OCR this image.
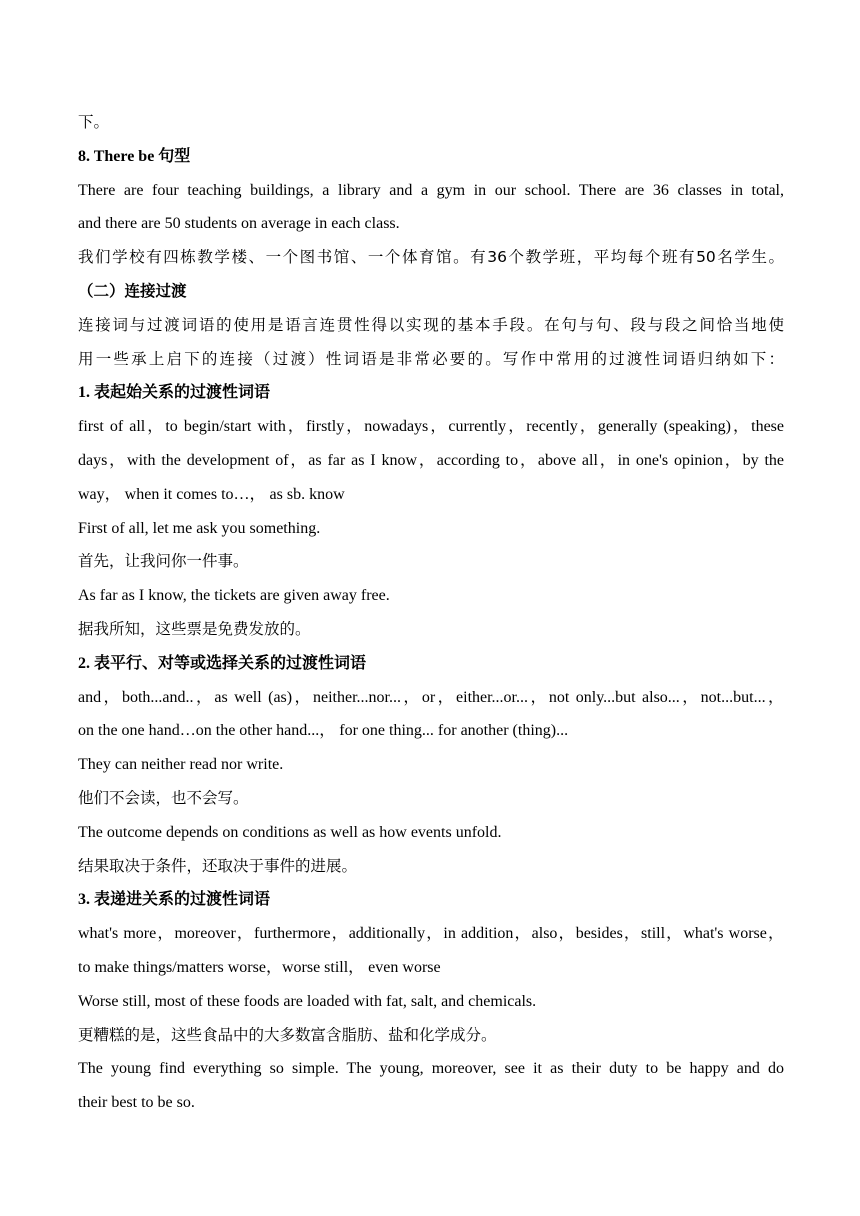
下。
8. There be 句型
There are four teaching buildings, a library and a gym in our school. There are 36 classes in total,
and there are 50 students on average in each class.
我们学校有四栋教学楼、一个图书馆、一个体育馆。有36个教学班，平均每个班有50名学生。
（二）连接过渡
连接词与过渡词语的使用是语言连贯性得以实现的基本手段。在句与句、段与段之间恰当地使
用一些承上启下的连接（过渡）性词语是非常必要的。写作中常用的过渡性词语归纳如下：
1. 表起始关系的过渡性词语
first of all，to begin/start with，firstly，nowadays，currently，recently，generally (speaking)，these
days，with the development of，as far as I know，according to，above all，in one's opinion，by the
way， when it comes to…， as sb. know
First of all, let me ask you something.
首先，让我问你一件事。
As far as I know, the tickets are given away free.
据我所知，这些票是免费发放的。
2. 表平行、对等或选择关系的过渡性词语
and，both...and..，as well (as)，neither...nor...，or，either...or...，not only...but also...，not...but...，
on the one hand…on the other hand...， for one thing... for another (thing)...
They can neither read nor write.
他们不会读，也不会写。
The outcome depends on conditions as well as how events unfold.
结果取决于条件，还取决于事件的进展。
3. 表递进关系的过渡性词语
what's more，moreover，furthermore，additionally，in addition，also，besides，still，what's worse，
to make things/matters worse，worse still， even worse
Worse still, most of these foods are loaded with fat, salt, and chemicals.
更糟糕的是，这些食品中的大多数富含脂肪、盐和化学成分。
The young find everything so simple. The young, moreover, see it as their duty to be happy and do
their best to be so.
